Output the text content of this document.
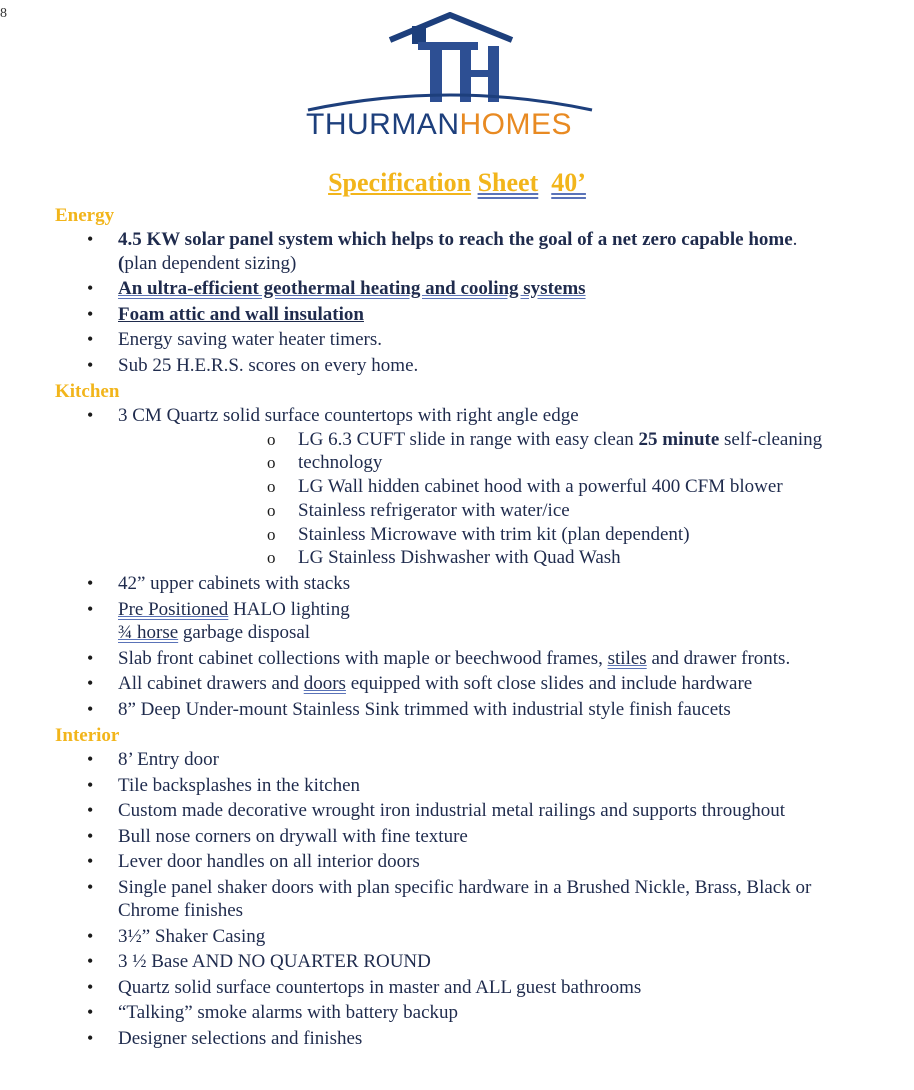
8
THURMANHOMES
Specification Sheet 40’
Energy
• 4.5 KW solar panel system which helps to reach the goal of a net zero capable home.
(plan dependent sizing)
• An ultra-efficient geothermal heating and cooling systems
• Foam attic and wall insulation
• Energy saving water heater timers.
• Sub 25 H.E.R.S. scores on every home.
Kitchen
• 3 CM Quartz solid surface countertops with right angle edge
o LG 6.3 CUFT slide in range with easy clean 25 minute self-cleaning
o technology
o LG Wall hidden cabinet hood with a powerful 400 CFM blower
o Stainless refrigerator with water/ice
o Stainless Microwave with trim kit (plan dependent)
o LG Stainless Dishwasher with Quad Wash
• 42” upper cabinets with stacks
• Pre Positioned HALO lighting
¾ horse garbage disposal
• Slab front cabinet collections with maple or beechwood frames, stiles and drawer fronts.
• All cabinet drawers and doors equipped with soft close slides and include hardware
• 8” Deep Under-mount Stainless Sink trimmed with industrial style finish faucets
Interior
• 8’ Entry door
• Tile backsplashes in the kitchen
• Custom made decorative wrought iron industrial metal railings and supports throughout
• Bull nose corners on drywall with fine texture
• Lever door handles on all interior doors
• Single panel shaker doors with plan specific hardware in a Brushed Nickle, Brass, Black or Chrome finishes
• 3½” Shaker Casing
• 3 ½ Base AND NO QUARTER ROUND
• Quartz solid surface countertops in master and ALL guest bathrooms
• “Talking” smoke alarms with battery backup
• Designer selections and finishes
